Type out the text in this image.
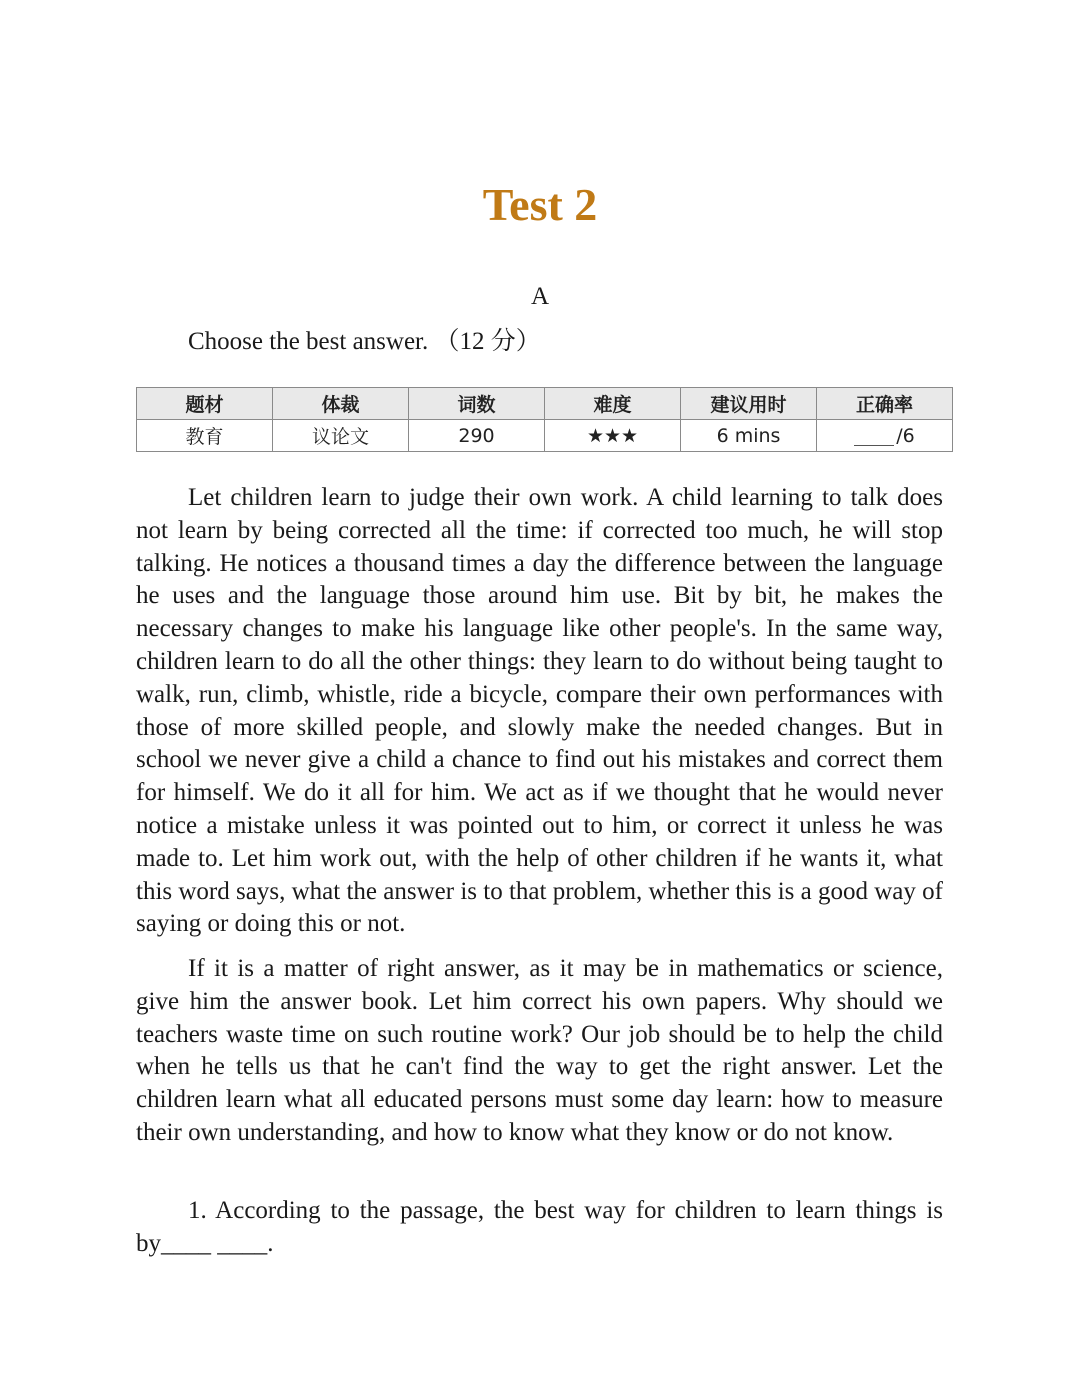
Test 2
A
Choose the best answer. （12 分）
题材	体裁	词数	难度	建议用时	正确率
教育	议论文	290	★★★	6 mins	/6

Let children learn to judge their own work. A child learning to talk does not learn by being corrected all the time: if corrected too much, he will stop talking. He notices a thousand times a day the difference between the language he uses and the language those around him use. Bit by bit, he makes the necessary changes to make his language like other people's. In the same way, children learn to do all the other things: they learn to do without being taught to walk, run, climb, whistle, ride a bicycle, compare their own performances with those of more skilled people, and slowly make the needed changes. But in school we never give a child a chance to find out his mistakes and correct them for himself. We do it all for him. We act as if we thought that he would never notice a mistake unless it was pointed out to him, or correct it unless he was made to. Let him work out, with the help of other children if he wants it, what this word says, what the answer is to that problem, whether this is a good way of saying or doing this or not.

If it is a matter of right answer, as it may be in mathematics or science, give him the answer book. Let him correct his own papers. Why should we teachers waste time on such routine work? Our job should be to help the child when he tells us that he can't find the way to get the right answer. Let the children learn what all educated persons must some day learn: how to measure their own understanding, and how to know what they know or do not know.

1. According to the passage, the best way for children to learn things is by____ ____.
